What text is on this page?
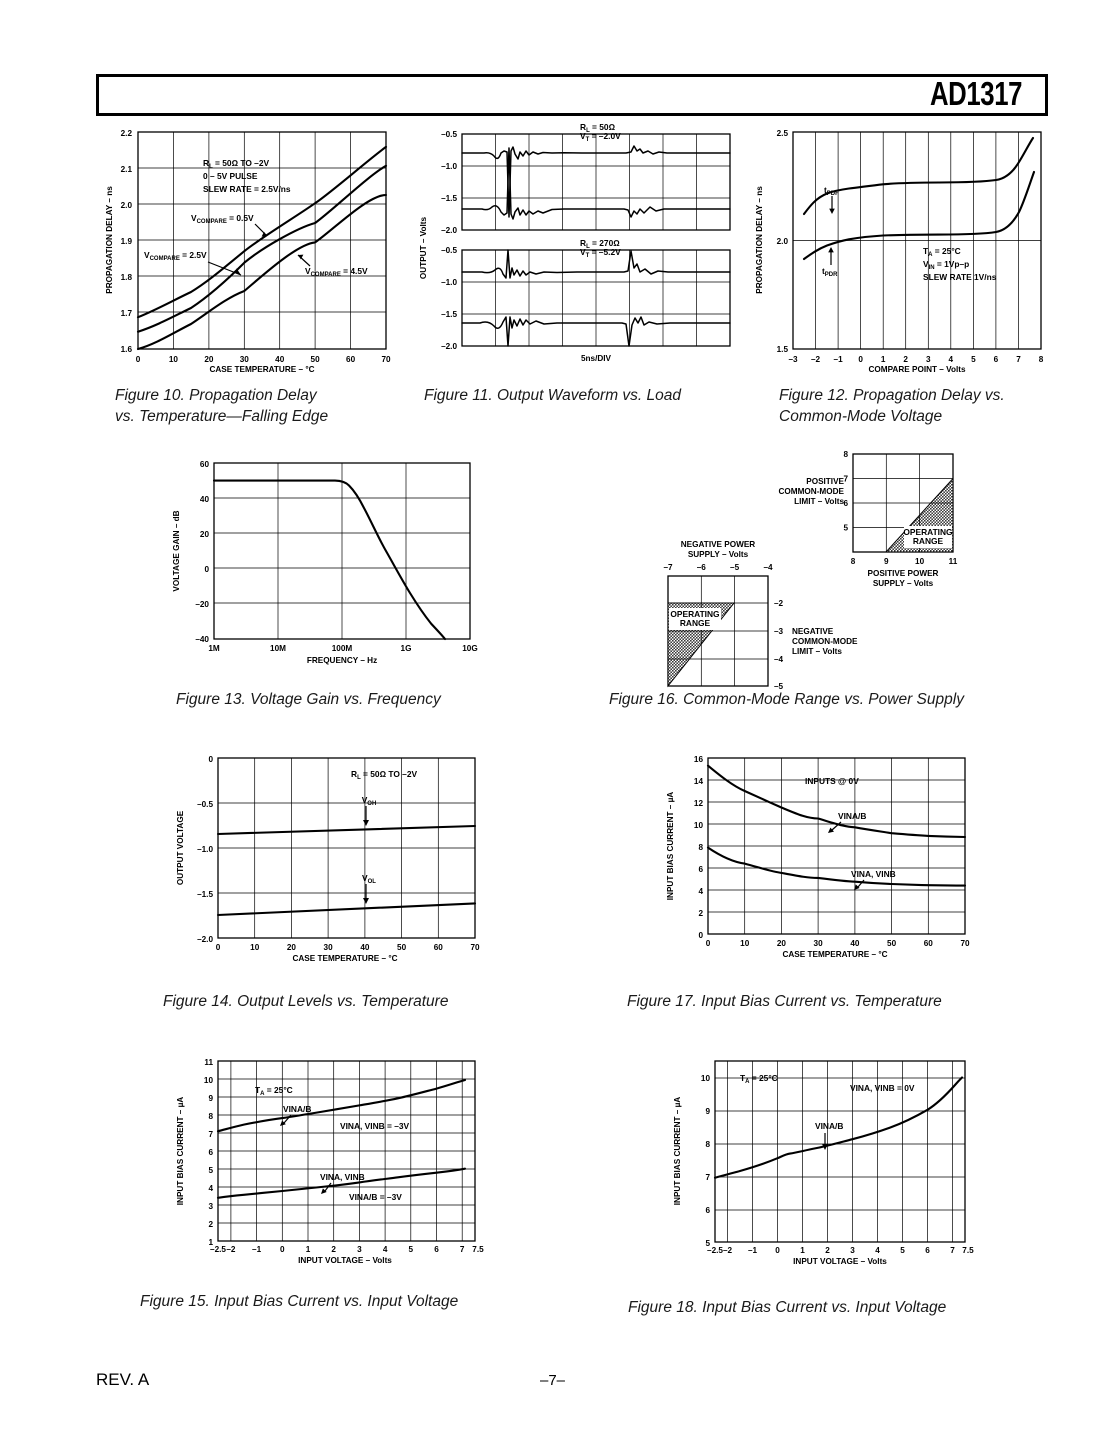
AD1317
2.2
2.1
2.0
1.9
1.8
1.7
1.6
$R_L$ = 50Ω TO –2V
0 – 5V PULSE
SLEW RATE = 2.5V/ns
$V_{COMPARE} = 0.5V$
$V_{COMPARE} = 2.5V$
$V_{COMPARE} = 4.5V$
0	10	20	30	40	50	60	70
CASE TEMPERATURE – °C
PROPAGATION DELAY – ns	OUTPUT – Volts
–0.5
–1.0
–1.5
–2.0
$R_L$ = 50Ω
$V_T = -2.0V$
–0.5
–1.0
–1.5
–2.0
$R_L$ = 270Ω
$V_T = -5.2V$
5ns/DIV
2.5
2.0
1.5
$t_{PDF}$
$t_{PDR}$
$T_A = 25^\circ C$
$V_{IN} = 1Vp-p$
SLEW RATE 1V/ns
–3 –2 –1 0 1 2 3 4 5 6 7 8
COMPARE POINT – Volts
PROPAGATION DELAY – ns
Figure 10. Propagation Delay
vs. Temperature—Falling Edge
Figure 11. Output Waveform vs. Load	Figure 12. Propagation Delay vs.
Common-Mode Voltage
60
40
20
0
–20
–40
1M	10M	100M	1G	10G
FREQUENCY – Hz
VOLTAGE GAIN – dB	OPERATING
RANGE
8
7
6
5
8	9	10	11
POSITIVE POWER
SUPPLY – Volts
POSITIVE
COMMON-MODE
LIMIT – Volts
OPERATING
RANGE
–7	–6	–5	–4
NEGATIVE POWER
SUPPLY – Volts
–2
–3
–4
–5
NEGATIVE
COMMON-MODE
LIMIT – Volts
Figure 13. Voltage Gain vs. Frequency	Figure 16. Common-Mode Range vs. Power Supply
0
–0.5
–1.0
–1.5
–2.0
$R_L$ = 50Ω TO –2V
$V_{OH}$
$V_{OL}$
0	10	20	30	40	50	60	70
CASE TEMPERATURE – °C
OUTPUT VOLTAGE
16
14
12
10
8
6
4
2
0
INPUTS @ 0V
VINA/B
VINA, VINB
0	10	20	30	40	50	60	70
CASE TEMPERATURE – °C
INPUT BIAS CURRENT – µA
Figure 14. Output Levels vs. Temperature	Figure 17. Input Bias Current vs. Temperature
11
10
9
8
7
6
5
4
3
2
1
$T_A = 25^\circ C$
VINA/B
VINA, VINB = –3V
VINA, VINB
VINA/B = –3V
–2.5 –2 –1 0	1	2	3	4	5	6	7 7.5
INPUT VOLTAGE – Volts
INPUT BIAS CURRENT – µA
10
9
8
7
6
5
$T_A = 25^\circ C$
VINA, VINB = 0V
VINA/B
–2.5 –2 –1 0 1 2 3 4 5 6 7 7.5
INPUT VOLTAGE – Volts
INPUT BIAS CURRENT – µA
Figure 15. Input Bias Current vs. Input Voltage	Figure 18. Input Bias Current vs. Input Voltage
REV. A	–7–
